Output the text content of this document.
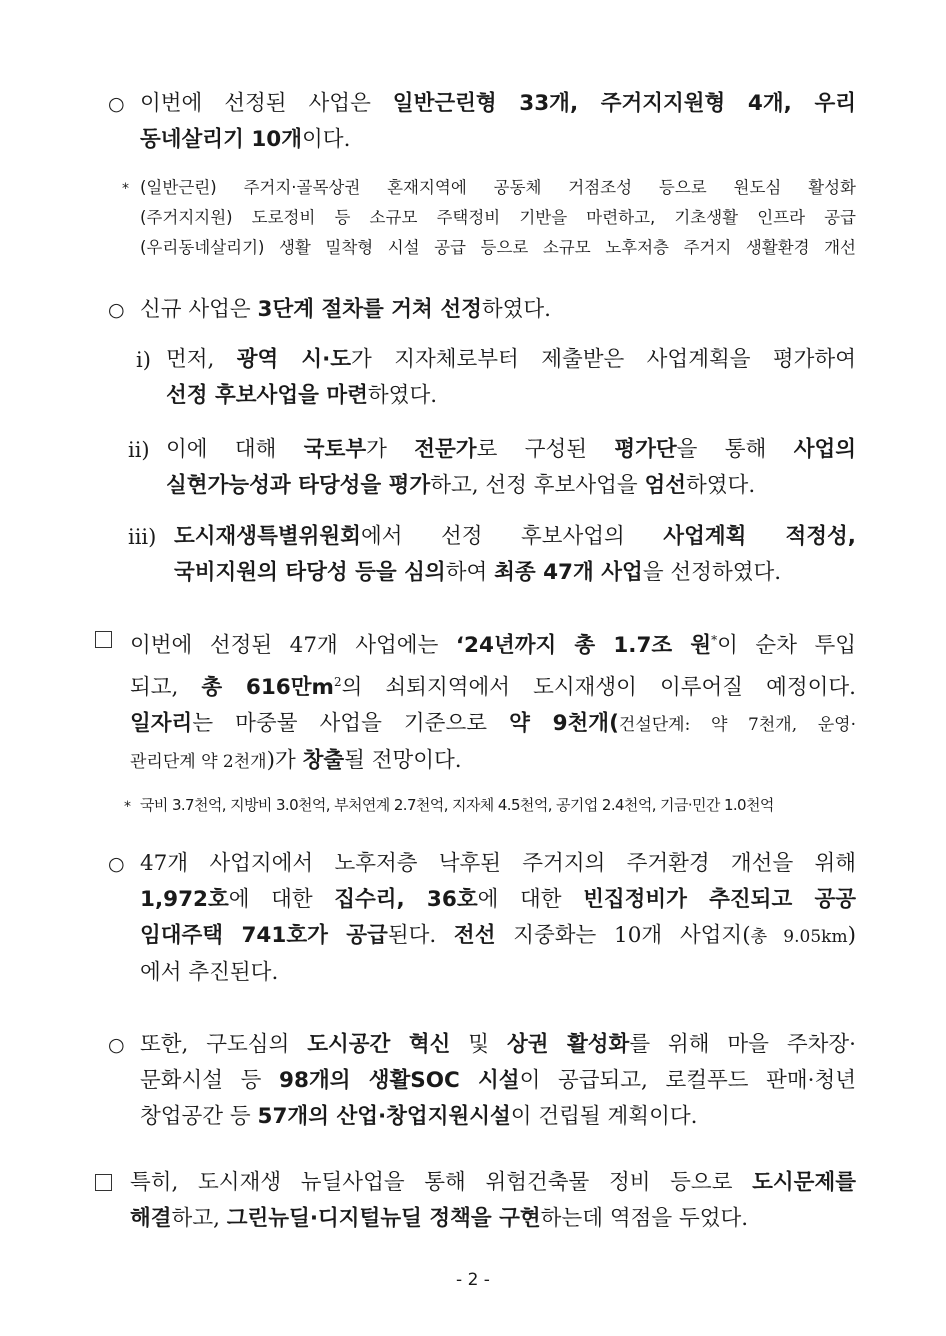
○ 이번에 선정된 사업은 일반근린형 33개, 주거지지원형 4개, 우리
동네살리기 10개이다.
* (일반근린) 주거지·골목상권 혼재지역에 공동체 거점조성 등으로 원도심 활성화
(주거지지원) 도로정비 등 소규모 주택정비 기반을 마련하고, 기초생활 인프라 공급
(우리동네살리기) 생활 밀착형 시설 공급 등으로 소규모 노후저층 주거지 생활환경 개선
○ 신규 사업은 3단계 절차를 거쳐 선정하였다.
i) 먼저, 광역 시·도가 지자체로부터 제출받은 사업계획을 평가하여
선정 후보사업을 마련하였다.
ii) 이에 대해 국토부가 전문가로 구성된 평가단을 통해 사업의
실현가능성과 타당성을 평가하고, 선정 후보사업을 엄선하였다.
iii) 도시재생특별위원회에서 선정 후보사업의 사업계획 적정성,
국비지원의 타당성 등을 심의하여 최종 47개 사업을 선정하였다.
이번에 선정된 47개 사업에는 ‘24년까지 총 1.7조 원*이 순차 투입
되고, 총 616만$m^2$의 쇠퇴지역에서 도시재생이 이루어질 예정이다.
일자리는 마중물 사업을 기준으로 약 9천개(건설단계: 약 7천개, 운영·
관리단계 약 2천개)가 창출될 전망이다.
* 국비 3.7천억, 지방비 3.0천억, 부처연계 2.7천억, 지자체 4.5천억, 공기업 2.4천억, 기금·민간 1.0천억
○ 47개 사업지에서 노후저층 낙후된 주거지의 주거환경 개선을 위해
1,972호에 대한 집수리, 36호에 대한 빈집정비가 추진되고 공공
임대주택 741호가 공급된다. 전선 지중화는 10개 사업지(총 9.05km)
에서 추진된다.
○ 또한, 구도심의 도시공간 혁신 및 상권 활성화를 위해 마을 주차장·
문화시설 등 98개의 생활SOC 시설이 공급되고, 로컬푸드 판매·청년
창업공간 등 57개의 산업·창업지원시설이 건립될 계획이다.
특히, 도시재생 뉴딜사업을 통해 위험건축물 정비 등으로 도시문제를
해결하고, 그린뉴딜·디지털뉴딜 정책을 구현하는데 역점을 두었다.
- 2 -
